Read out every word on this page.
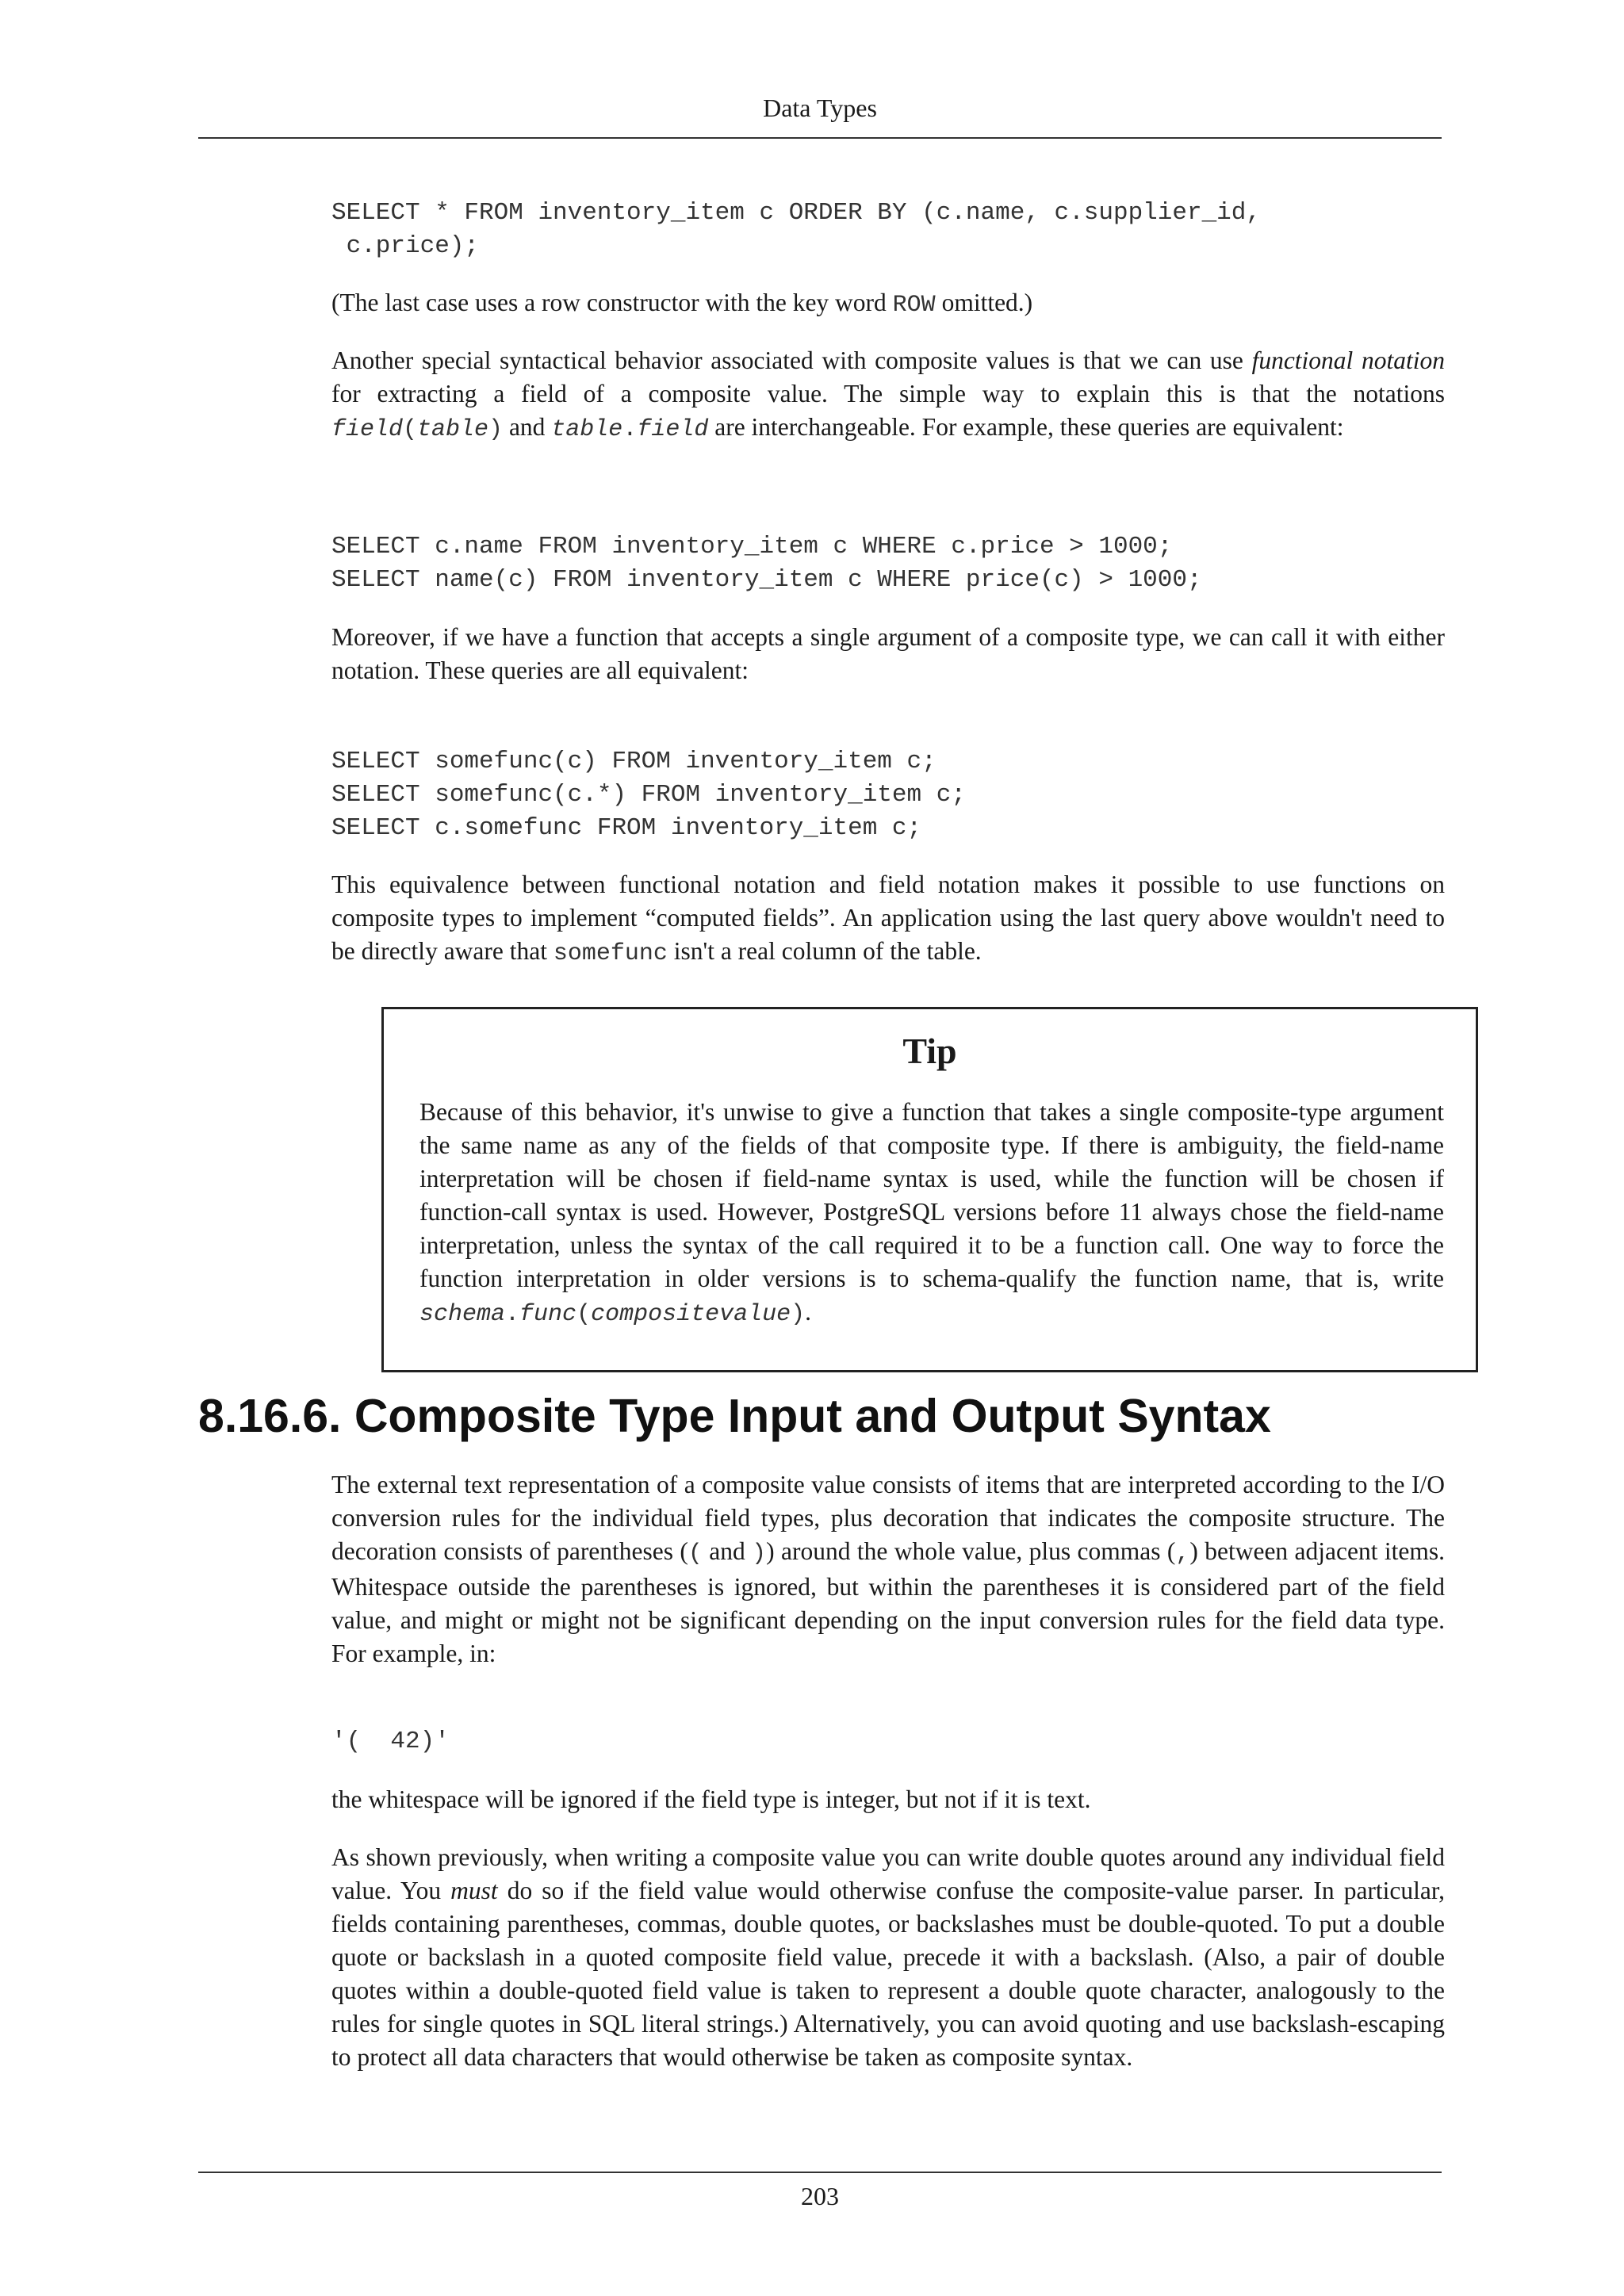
Data Types
SELECT * FROM inventory_item c ORDER BY (c.name, c.supplier_id,
c.price);

(The last case uses a row constructor with the key word ROW omitted.)

Another special syntactical behavior associated with composite values is that we can use functional notation for extracting a field of a composite value. The simple way to explain this is that the notations field(table) and table.field are interchangeable. For example, these queries are equivalent:

SELECT c.name FROM inventory_item c WHERE c.price > 1000;
SELECT name(c) FROM inventory_item c WHERE price(c) > 1000;

Moreover, if we have a function that accepts a single argument of a composite type, we can call it with either notation. These queries are all equivalent:

SELECT somefunc(c) FROM inventory_item c;
SELECT somefunc(c.*) FROM inventory_item c;
SELECT c.somefunc FROM inventory_item c;

This equivalence between functional notation and field notation makes it possible to use functions on composite types to implement “computed fields”. An application using the last query above wouldn't need to be directly aware that somefunc isn't a real column of the table.

Tip

Because of this behavior, it's unwise to give a function that takes a single composite-type argument the same name as any of the fields of that composite type. If there is ambiguity, the field-name interpretation will be chosen if field-name syntax is used, while the function will be chosen if function-call syntax is used. However, PostgreSQL versions before 11 always chose the field-name interpretation, unless the syntax of the call required it to be a function call. One way to force the function interpretation in older versions is to schema-qualify the function name, that is, write schema.func(compositevalue).

8.16.6. Composite Type Input and Output Syntax

The external text representation of a composite value consists of items that are interpreted according to the I/O conversion rules for the individual field types, plus decoration that indicates the composite structure. The decoration consists of parentheses (( and )) around the whole value, plus commas (,) between adjacent items. Whitespace outside the parentheses is ignored, but within the parentheses it is considered part of the field value, and might or might not be significant depending on the input conversion rules for the field data type. For example, in:

'(  42)'

the whitespace will be ignored if the field type is integer, but not if it is text.

As shown previously, when writing a composite value you can write double quotes around any individual field value. You must do so if the field value would otherwise confuse the composite-value parser. In particular, fields containing parentheses, commas, double quotes, or backslashes must be double-quoted. To put a double quote or backslash in a quoted composite field value, precede it with a backslash. (Also, a pair of double quotes within a double-quoted field value is taken to represent a double quote character, analogously to the rules for single quotes in SQL literal strings.) Alternatively, you can avoid quoting and use backslash-escaping to protect all data characters that would otherwise be taken as composite syntax.

203
